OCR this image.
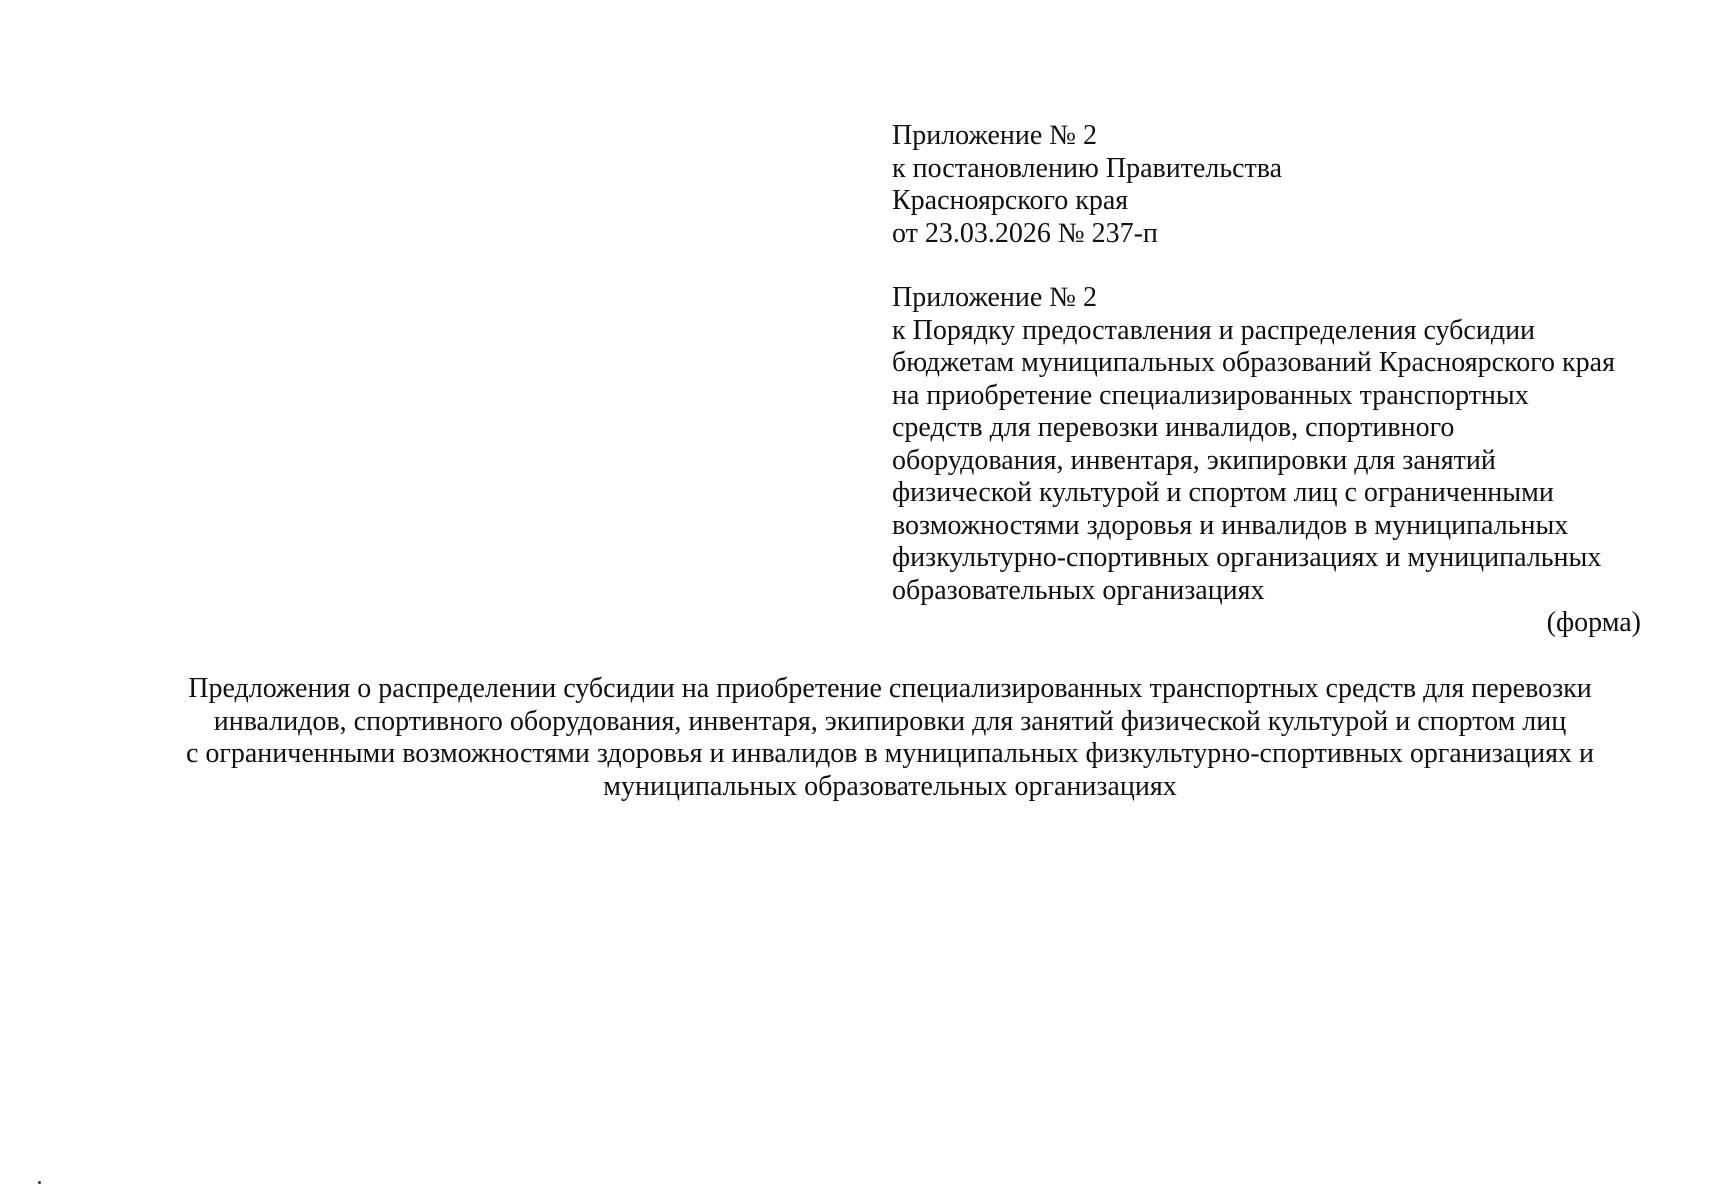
Приложение № 2
к постановлению Правительства
Красноярского края
от 23.03.2026 № 237-п
Приложение № 2
к Порядку предоставления и распределения субсидии
бюджетам муниципальных образований Красноярского края
на приобретение специализированных транспортных
средств для перевозки инвалидов, спортивного
оборудования, инвентаря, экипировки для занятий
физической культурой и спортом лиц с ограниченными
возможностями здоровья и инвалидов в муниципальных
физкультурно-спортивных организациях и муниципальных
образовательных организациях
(форма)
Предложения о распределении субсидии на приобретение специализированных транспортных средств для перевозки
инвалидов, спортивного оборудования, инвентаря, экипировки для занятий физической культурой и спортом лиц
с ограниченными возможностями здоровья и инвалидов в муниципальных физкультурно-спортивных организациях и
муниципальных образовательных организациях
